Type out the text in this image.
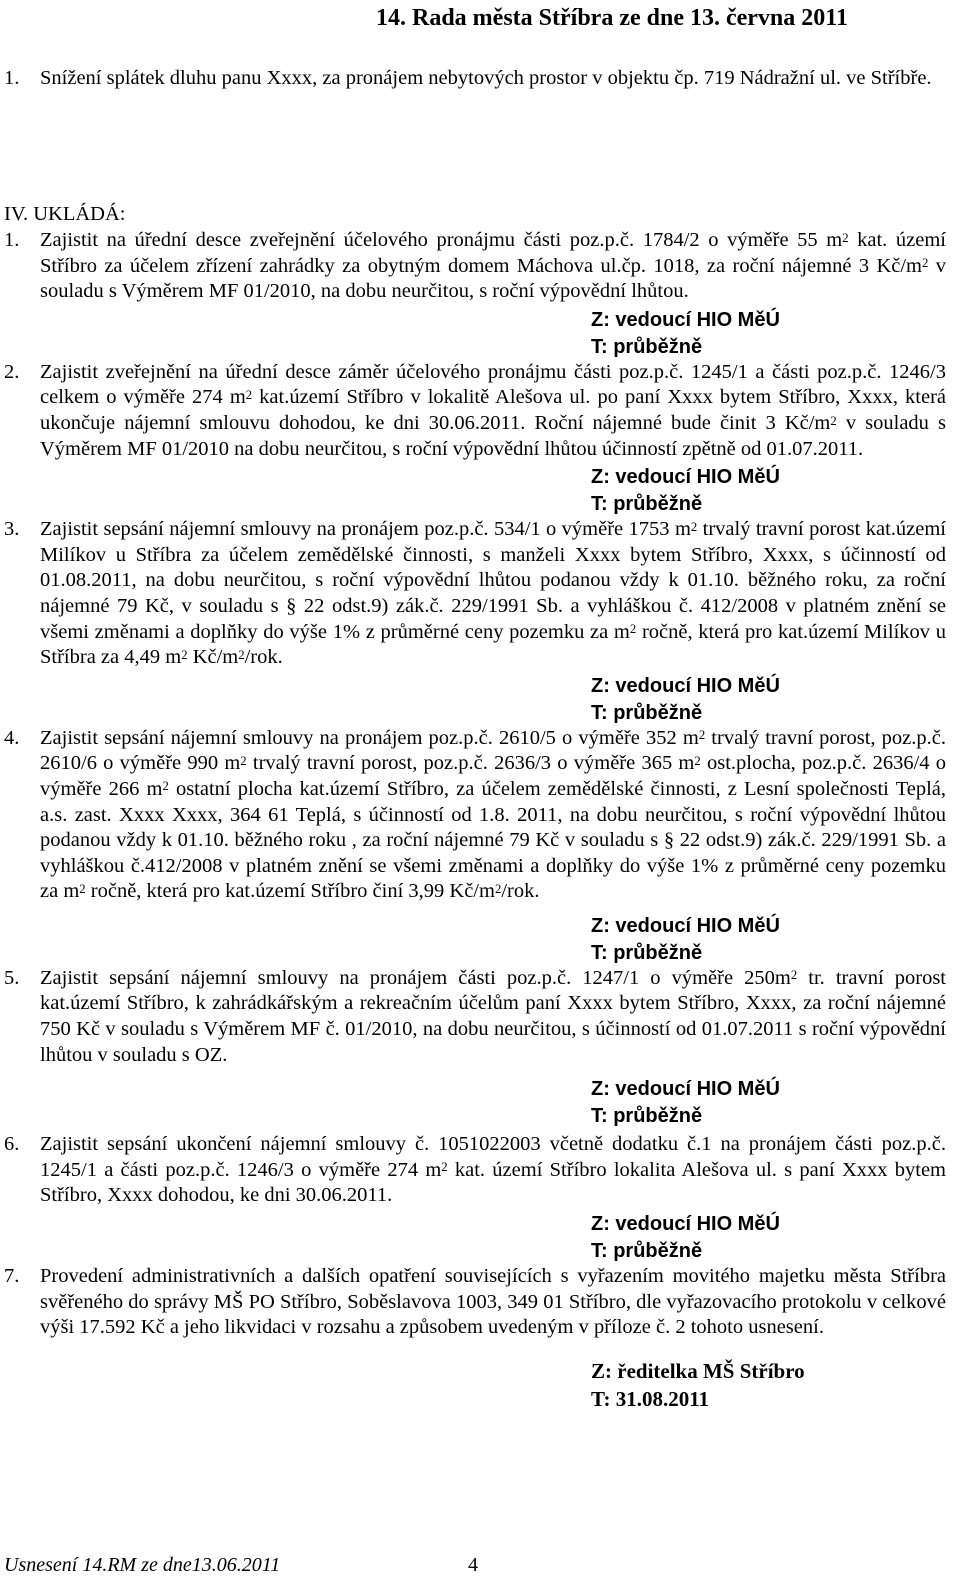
14. Rada města Stříbra ze dne 13. června 2011
1. Snížení splátek dluhu panu Xxxx, za pronájem nebytových prostor v objektu čp. 719 Nádražní ul. ve Stříbře.

IV. UKLÁDÁ:
1. Zajistit na úřední desce zveřejnění účelového pronájmu části poz.p.č. 1784/2 o výměře 55 $m^2$ kat. území Stříbro za účelem zřízení zahrádky za obytným domem Máchova ul.čp. 1018, za roční nájemné 3 $Kč/m^2$ v souladu s Výměrem MF 01/2010, na dobu neurčitou, s roční výpovědní lhůtou.

Z: vedoucí HIO MěÚ
T: průběžně
2. Zajistit zveřejnění na úřední desce záměr účelového pronájmu části poz.p.č. 1245/1 a části poz.p.č. 1246/3 celkem o výměře 274 $m^2$ kat.území Stříbro v lokalitě Alešova ul. po paní Xxxx bytem Stříbro, Xxxx, která ukončuje nájemní smlouvu dohodou, ke dni 30.06.2011. Roční nájemné bude činit 3 $Kč/m^2$ v souladu s Výměrem MF 01/2010 na dobu neurčitou, s roční výpovědní lhůtou účinností zpětně od 01.07.2011.

Z: vedoucí HIO MěÚ
T: průběžně
3. Zajistit sepsání nájemní smlouvy na pronájem poz.p.č. 534/1 o výměře 1753 $m^2$ trvalý travní porost kat.území Milíkov u Stříbra za účelem zemědělské činnosti, s manželi Xxxx bytem Stříbro, Xxxx, s účinností od 01.08.2011, na dobu neurčitou, s roční výpovědní lhůtou podanou vždy k 01.10. běžného roku, za roční nájemné 79 Kč, v souladu s § 22 odst.9) zák.č. 229/1991 Sb. a vyhláškou č. 412/2008 v platném znění se všemi změnami a doplňky do výše 1% z průměrné ceny pozemku za $m^2$ ročně, která pro kat.území Milíkov u Stříbra za 4,49 $m^2$ $Kč/m^2$/rok.

Z: vedoucí HIO MěÚ
T: průběžně
4. Zajistit sepsání nájemní smlouvy na pronájem poz.p.č. 2610/5 o výměře 352 $m^2$ trvalý travní porost, poz.p.č. 2610/6 o výměře 990 $m^2$ trvalý travní porost, poz.p.č. 2636/3 o výměře 365 $m^2$ ost.plocha, poz.p.č. 2636/4 o výměře 266 $m^2$ ostatní plocha kat.území Stříbro, za účelem zemědělské činnosti, z Lesní společnosti Teplá, a.s. zast. Xxxx Xxxx, 364 61 Teplá, s účinností od 1.8. 2011, na dobu neurčitou, s roční výpovědní lhůtou podanou vždy k 01.10. běžného roku , za roční nájemné 79 Kč v souladu s § 22 odst.9) zák.č. 229/1991 Sb. a vyhláškou č.412/2008 v platném znění se všemi změnami a doplňky do výše 1% z průměrné ceny pozemku za $m^2$ ročně, která pro kat.území Stříbro činí 3,99 $Kč/m^2$/rok.

Z: vedoucí HIO MěÚ
T: průběžně
5. Zajistit sepsání nájemní smlouvy na pronájem části poz.p.č. 1247/1 o výměře $250m^2$ tr. travní porost kat.území Stříbro, k zahrádkářským a rekreačním účelům paní Xxxx bytem Stříbro, Xxxx, za roční nájemné 750 Kč v souladu s Výměrem MF č. 01/2010, na dobu neurčitou, s účinností od 01.07.2011 s roční výpovědní lhůtou v souladu s OZ.

Z: vedoucí HIO MěÚ
T: průběžně
6. Zajistit sepsání ukončení nájemní smlouvy č. 1051022003 včetně dodatku č.1 na pronájem části poz.p.č. 1245/1 a části poz.p.č. 1246/3 o výměře 274 $m^2$ kat. území Stříbro lokalita Alešova ul. s paní Xxxx bytem Stříbro, Xxxx dohodou, ke dni 30.06.2011.

Z: vedoucí HIO MěÚ
T: průběžně
7. Provedení administrativních a dalších opatření souvisejících s vyřazením movitého majetku města Stříbra svěřeného do správy MŠ PO Stříbro, Soběslavova 1003, 349 01 Stříbro, dle vyřazovacího protokolu v celkové výši 17.592 Kč a jeho likvidaci v rozsahu a způsobem uvedeným v příloze č. 2 tohoto usnesení.

Z: ředitelka MŠ Stříbro
T: 31.08.2011
Usnesení 14.RM ze dne13.06.2011	4
